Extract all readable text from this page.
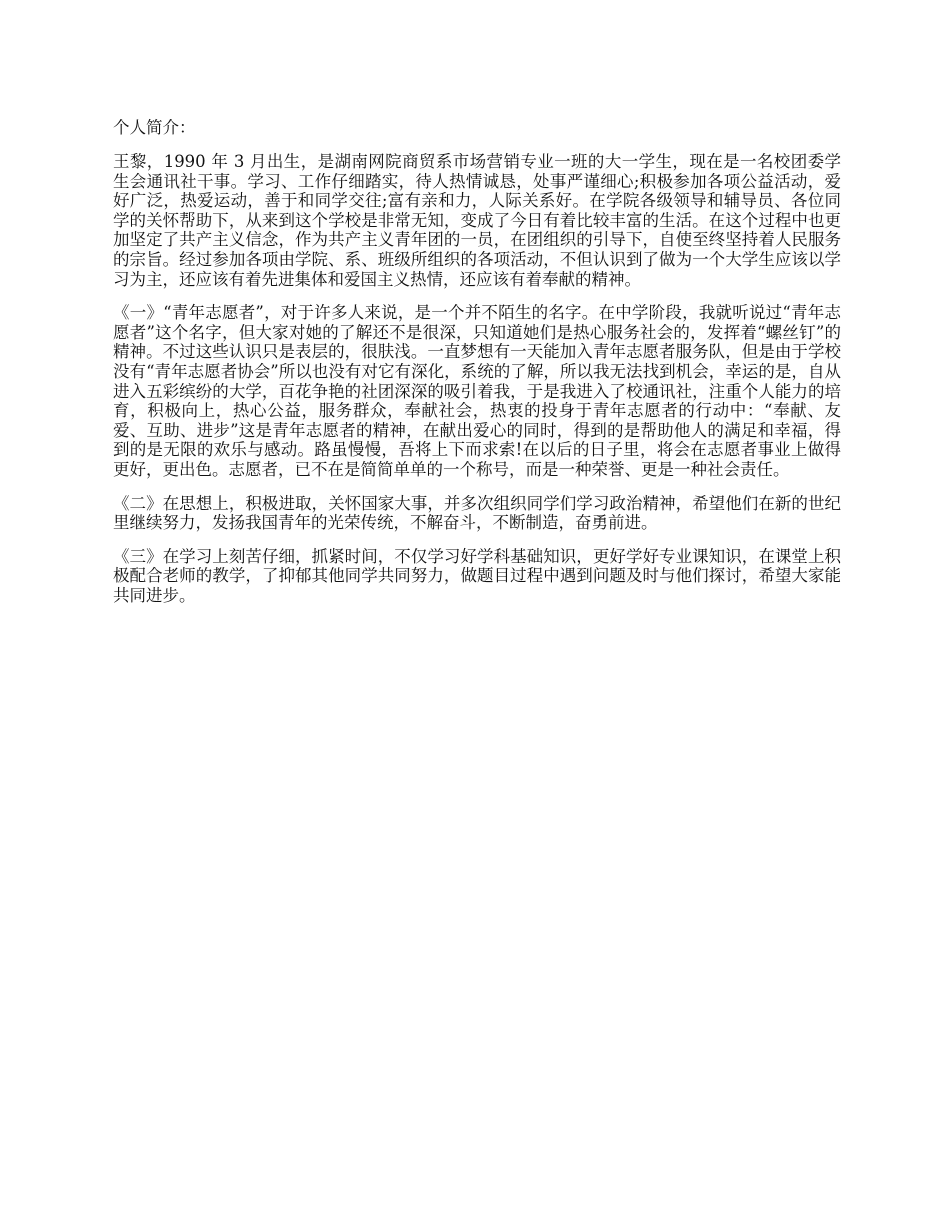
个人简介：

王黎，1990 年 3 月出生，是湖南网院商贸系市场营销专业一班的大一学生，现在是一名校团委学生会通讯社干事。学习、工作仔细踏实，待人热情诚恳，处事严谨细心;积极参加各项公益活动，爱好广泛，热爱运动，善于和同学交往;富有亲和力，人际关系好。在学院各级领导和辅导员、各位同学的关怀帮助下，从来到这个学校是非常无知，变成了今日有着比较丰富的生活。在这个过程中也更加坚定了共产主义信念，作为共产主义青年团的一员，在团组织的引导下，自使至终坚持着人民服务的宗旨。经过参加各项由学院、系、班级所组织的各项活动，不但认识到了做为一个大学生应该以学习为主，还应该有着先进集体和爱国主义热情，还应该有着奉献的精神。

《一》“青年志愿者”，对于许多人来说，是一个并不陌生的名字。在中学阶段，我就听说过“青年志愿者”这个名字，但大家对她的了解还不是很深，只知道她们是热心服务社会的，发挥着“螺丝钉”的精神。不过这些认识只是表层的，很肤浅。一直梦想有一天能加入青年志愿者服务队，但是由于学校没有“青年志愿者协会”所以也没有对它有深化，系统的了解，所以我无法找到机会，幸运的是，自从进入五彩缤纷的大学，百花争艳的社团深深的吸引着我，于是我进入了校通讯社，注重个人能力的培育，积极向上，热心公益，服务群众，奉献社会，热衷的投身于青年志愿者的行动中：“奉献、友爱、互助、进步”这是青年志愿者的精神，在献出爱心的同时，得到的是帮助他人的满足和幸福，得到的是无限的欢乐与感动。路虽慢慢，吾将上下而求索!在以后的日子里，将会在志愿者事业上做得更好，更出色。志愿者，已不在是简简单单的一个称号，而是一种荣誉、更是一种社会责任。

《二》在思想上，积极进取，关怀国家大事，并多次组织同学们学习政治精神，希望他们在新的世纪里继续努力，发扬我国青年的光荣传统，不解奋斗，不断制造，奋勇前进。

《三》在学习上刻苦仔细，抓紧时间，不仅学习好学科基础知识，更好学好专业课知识，在课堂上积极配合老师的教学，了抑郁其他同学共同努力，做题目过程中遇到问题及时与他们探讨，希望大家能共同进步。
